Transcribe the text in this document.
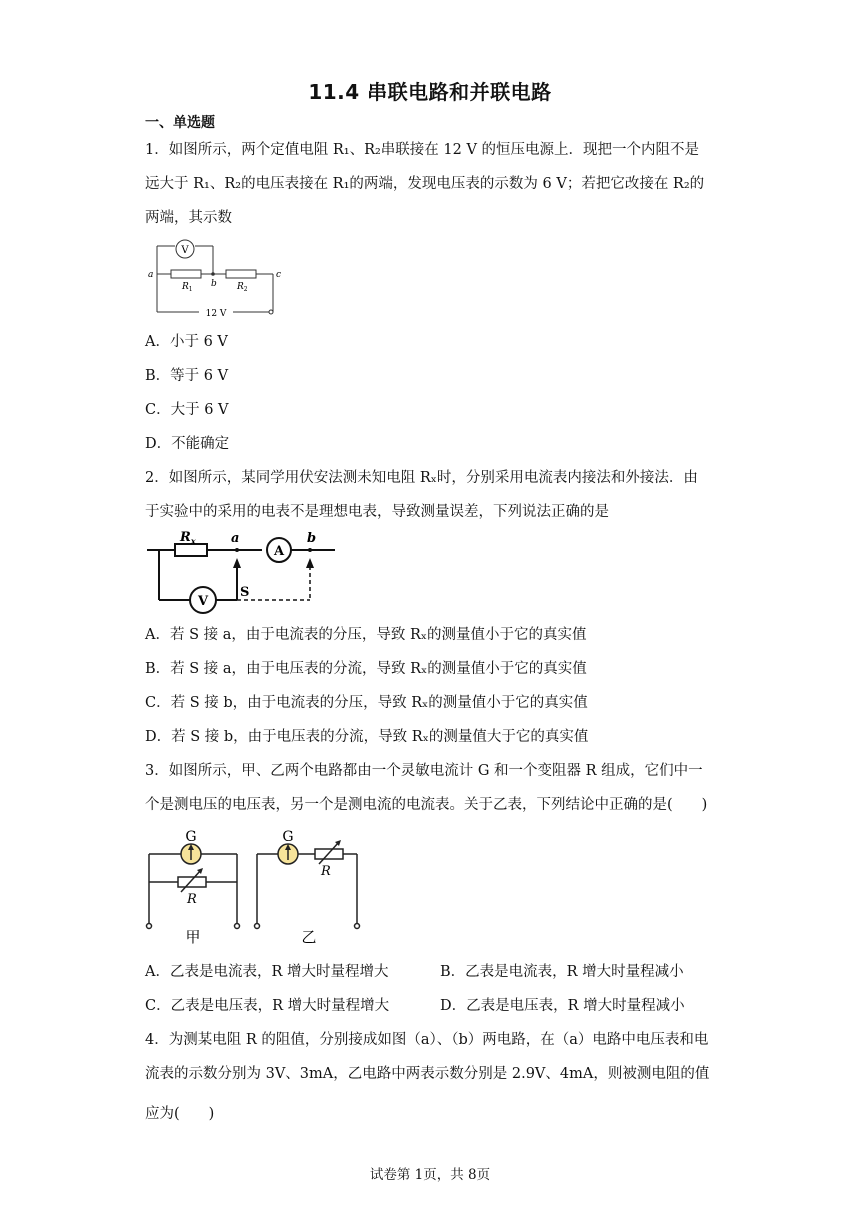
11.4 串联电路和并联电路
一、单选题
1．如图所示，两个定值电阻 R₁、R₂串联接在 12 V 的恒压电源上．现把一个内阻不是
远大于 R₁、R₂的电压表接在 R₁的两端，发现电压表的示数为 6 V；若把它改接在 R₂的
两端，其示数
V
a
b
c
$R_1$	$R_2$
12 V
A．小于 6 V
B．等于 6 V
C．大于 6 V
D．不能确定
2．如图所示，某同学用伏安法测未知电阻 Rₓ时，分别采用电流表内接法和外接法．由
于实验中的采用的电表不是理想电表，导致测量误差，下列说法正确的是
$R_x$	a	b
A
V
S
A．若 S 接 a，由于电流表的分压，导致 Rₓ的测量值小于它的真实值
B．若 S 接 a，由于电压表的分流，导致 Rₓ的测量值小于它的真实值
C．若 S 接 b，由于电流表的分压，导致 Rₓ的测量值小于它的真实值
D．若 S 接 b，由于电压表的分流，导致 Rₓ的测量值大于它的真实值
3．如图所示，甲、乙两个电路都由一个灵敏电流计 G 和一个变阻器 R 组成，它们中一
个是测电压的电压表，另一个是测电流的电流表。关于乙表，下列结论中正确的是(　　)
G
R
甲
G
R
乙
A．乙表是电流表，R 增大时量程增大	B．乙表是电流表，R 增大时量程减小
C．乙表是电压表，R 增大时量程增大	D．乙表是电压表，R 增大时量程减小
4．为测某电阻 R 的阻值，分别接成如图（a）、（b）两电路，在（a）电路中电压表和电
流表的示数分别为 3V、3mA，乙电路中两表示数分别是 2.9V、4mA，则被测电阻的值
应为(　　)
试卷第 1页，共 8页
